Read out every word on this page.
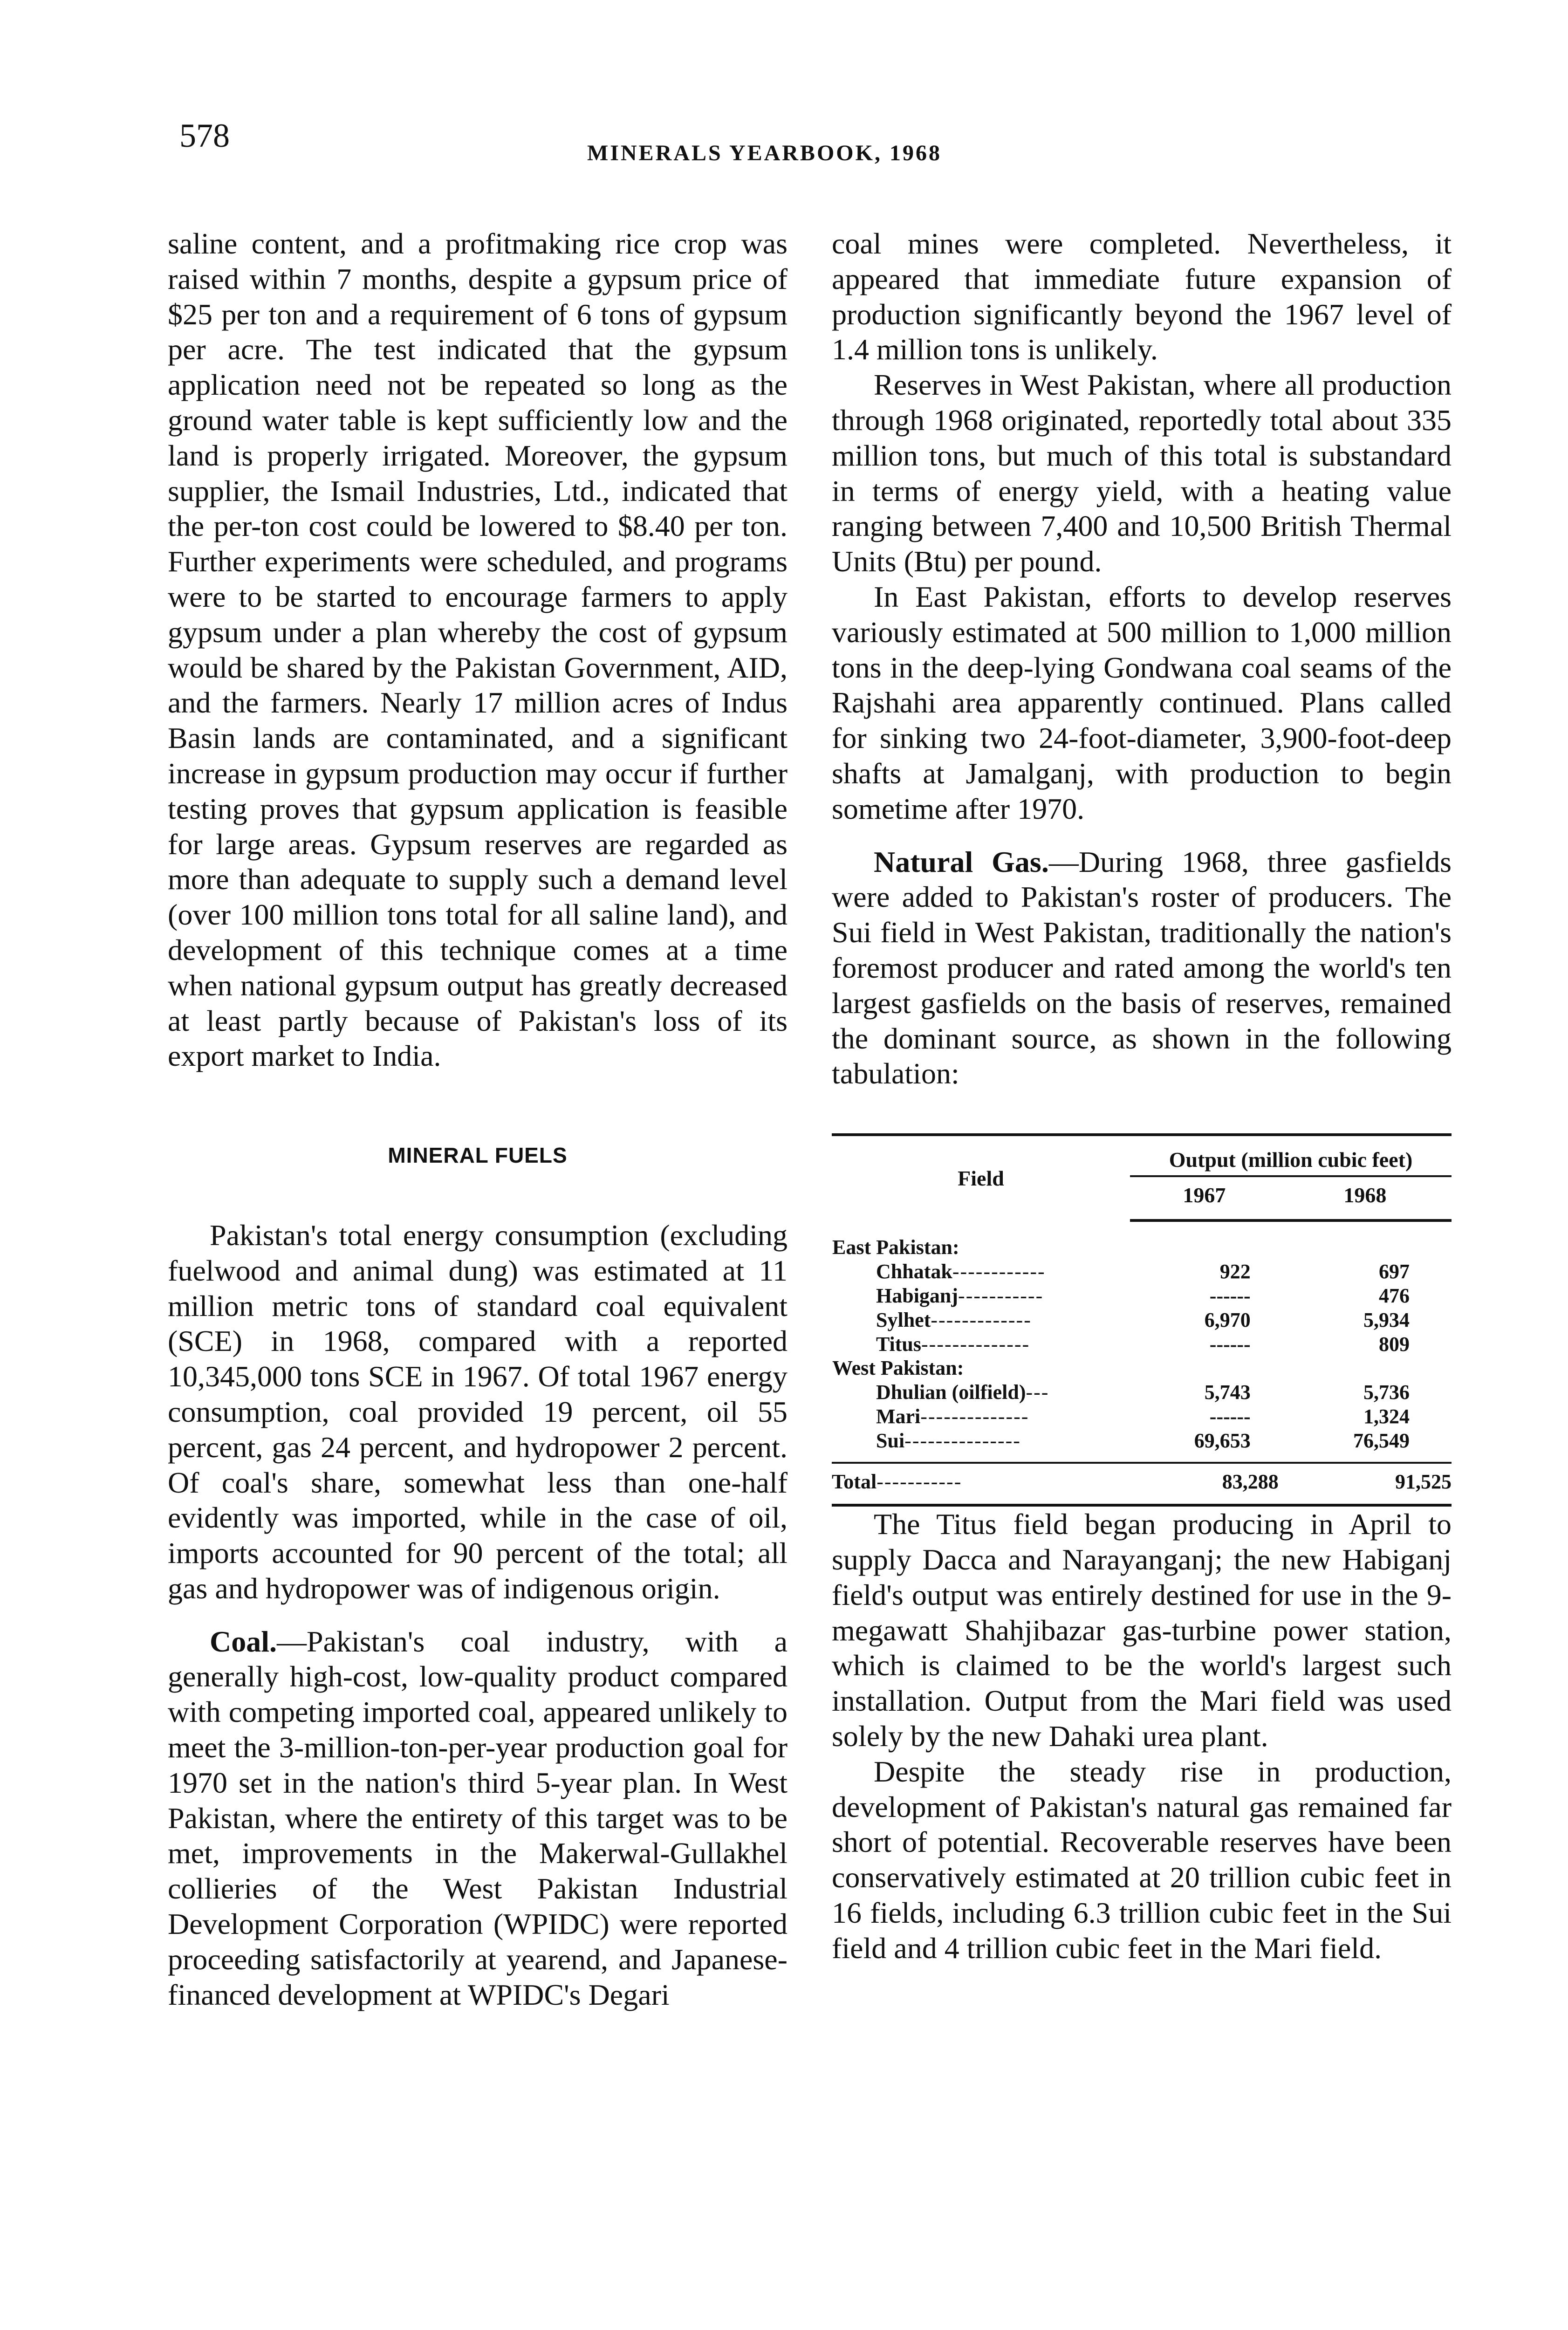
578	MINERALS YEARBOOK, 1968

saline content, and a profitmaking rice crop was raised within 7 months, despite a gypsum price of $25 per ton and a requirement of 6 tons of gypsum per acre. The test indicated that the gypsum application need not be repeated so long as the ground water table is kept sufficiently low and the land is properly irrigated. Moreover, the gypsum supplier, the Ismail Industries, Ltd., indicated that the per-ton cost could be lowered to $8.40 per ton. Further experiments were scheduled, and programs were to be started to encourage farmers to apply gypsum under a plan whereby the cost of gypsum would be shared by the Pakistan Government, AID, and the farmers. Nearly 17 million acres of Indus Basin lands are contaminated, and a significant increase in gypsum production may occur if further testing proves that gypsum application is feasible for large areas. Gypsum reserves are regarded as more than adequate to supply such a demand level (over 100 million tons total for all saline land), and development of this technique comes at a time when national gypsum output has greatly decreased at least partly because of Pakistan's loss of its export market to India.

MINERAL FUELS

Pakistan's total energy consumption (excluding fuelwood and animal dung) was estimated at 11 million metric tons of standard coal equivalent (SCE) in 1968, compared with a reported 10,345,000 tons SCE in 1967. Of total 1967 energy consumption, coal provided 19 percent, oil 55 percent, gas 24 percent, and hydropower 2 percent. Of coal's share, somewhat less than one-half evidently was imported, while in the case of oil, imports accounted for 90 percent of the total; all gas and hydropower was of indigenous origin.

Coal.—Pakistan's coal industry, with a generally high-cost, low-quality product compared with competing imported coal, appeared unlikely to meet the 3-million-ton-per-year production goal for 1970 set in the nation's third 5-year plan. In West Pakistan, where the entirety of this target was to be met, improvements in the Makerwal-Gullakhel collieries of the West Pakistan Industrial Development Corporation (WPIDC) were reported proceeding satisfactorily at yearend, and Japanese-financed development at WPIDC's Degari

coal mines were completed. Nevertheless, it appeared that immediate future expansion of production significantly beyond the 1967 level of 1.4 million tons is unlikely.

Reserves in West Pakistan, where all production through 1968 originated, reportedly total about 335 million tons, but much of this total is substandard in terms of energy yield, with a heating value ranging between 7,400 and 10,500 British Thermal Units (Btu) per pound.

In East Pakistan, efforts to develop reserves variously estimated at 500 million to 1,000 million tons in the deep-lying Gondwana coal seams of the Rajshahi area apparently continued. Plans called for sinking two 24-foot-diameter, 3,900-foot-deep shafts at Jamalganj, with production to begin sometime after 1970.

Natural Gas.—During 1968, three gasfields were added to Pakistan's roster of producers. The Sui field in West Pakistan, traditionally the nation's foremost producer and rated among the world's ten largest gasfields on the basis of reserves, remained the dominant source, as shown in the following tabulation:

Field	Output (million cubic feet)	
	1967	1968
East Pakistan:		
Chhatak------------	922	697
Habiganj-----------	------	476
Sylhet-------------	6,970	5,934
Titus--------------	------	809
West Pakistan:		
Dhulian (oilfield)---	5,743	5,736
Mari--------------	------	1,324
Sui---------------	69,653	76,549
Total-----------	83,288	91,525

The Titus field began producing in April to supply Dacca and Narayanganj; the new Habiganj field's output was entirely destined for use in the 9-megawatt Shahjibazar gas-turbine power station, which is claimed to be the world's largest such installation. Output from the Mari field was used solely by the new Dahaki urea plant.

Despite the steady rise in production, development of Pakistan's natural gas remained far short of potential. Recoverable reserves have been conservatively estimated at 20 trillion cubic feet in 16 fields, including 6.3 trillion cubic feet in the Sui field and 4 trillion cubic feet in the Mari field.
